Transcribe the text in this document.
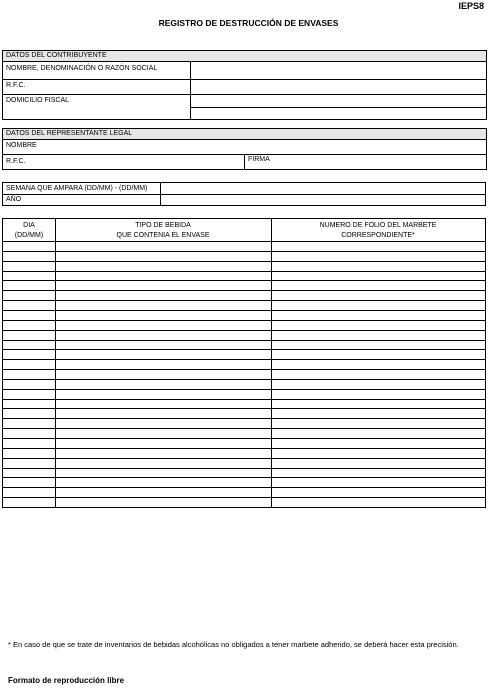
IEPS8
REGISTRO DE DESTRUCCIÓN DE ENVASES
DATOS DEL CONTRIBUYENTE
NOMBRE, DENOMINACIÓN O RAZÓN SOCIAL
R.F.C.
DOMICILIO FISCAL
DATOS DEL REPRESENTANTE LEGAL
NOMBRE
R.F.C.	FIRMA
SEMANA QUE AMPARA (DD/MM) - (DD/MM)
AÑO
DIA
(DD/MM)
TIPO DE BEBIDA
QUE CONTENIA EL ENVASE
NUMERO DE FOLIO DEL MARBETE
CORRESPONDIENTE*
* En caso de que se trate de inventarios de bebidas alcohólicas no obligados a tener marbete adherido, se deberá hacer esta precisión.
Formato de reproducción libre
